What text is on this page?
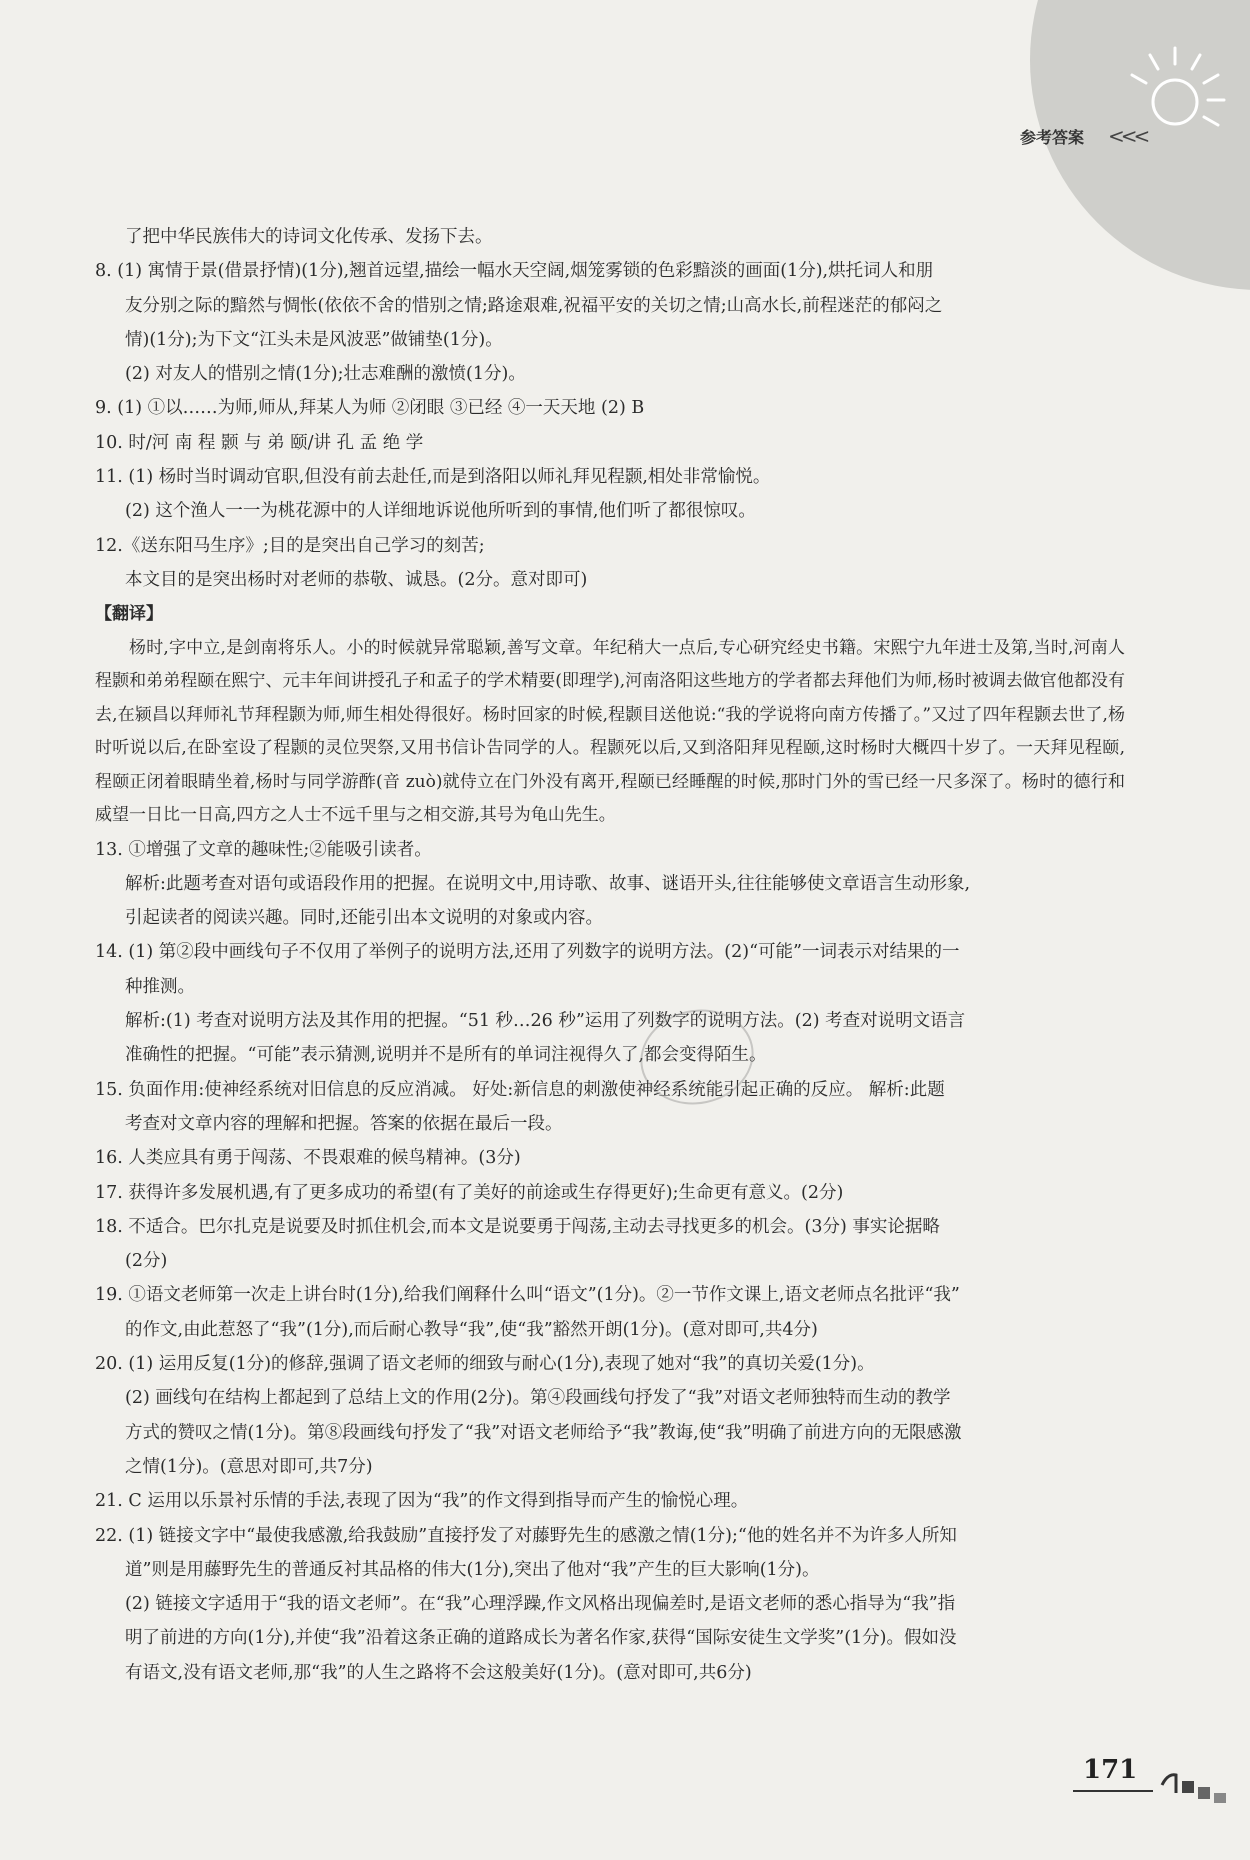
参考答案 <<<
了把中华民族伟大的诗词文化传承、发扬下去。
8. (1) 寓情于景(借景抒情)(1分),翘首远望,描绘一幅水天空阔,烟笼雾锁的色彩黯淡的画面(1分),烘托词人和朋
友分别之际的黯然与惆怅(依依不舍的惜别之情;路途艰难,祝福平安的关切之情;山高水长,前程迷茫的郁闷之
情)(1分);为下文“江头未是风波恶”做铺垫(1分)。
(2) 对友人的惜别之情(1分);壮志难酬的激愤(1分)。
9. (1) ①以……为师,师从,拜某人为师 ②闭眼 ③已经 ④一天天地 (2) B
10. 时/河 南 程 颢 与 弟 颐/讲 孔 孟 绝 学
11. (1) 杨时当时调动官职,但没有前去赴任,而是到洛阳以师礼拜见程颢,相处非常愉悦。
(2) 这个渔人一一为桃花源中的人详细地诉说他所听到的事情,他们听了都很惊叹。
12.《送东阳马生序》;目的是突出自己学习的刻苦;
本文目的是突出杨时对老师的恭敬、诚恳。(2分。意对即可)
【翻译】
杨时,字中立,是剑南将乐人。小的时候就异常聪颖,善写文章。年纪稍大一点后,专心研究经史书籍。宋熙宁九年进士及第,当时,河南人程颢和弟弟程颐在熙宁、元丰年间讲授孔子和孟子的学术精要(即理学),河南洛阳这些地方的学者都去拜他们为师,杨时被调去做官他都没有去,在颍昌以拜师礼节拜程颢为师,师生相处得很好。杨时回家的时候,程颢目送他说:“我的学说将向南方传播了。”又过了四年程颢去世了,杨时听说以后,在卧室设了程颢的灵位哭祭,又用书信讣告同学的人。程颢死以后,又到洛阳拜见程颐,这时杨时大概四十岁了。一天拜见程颐,程颐正闭着眼睛坐着,杨时与同学游酢(音 zuò)就侍立在门外没有离开,程颐已经睡醒的时候,那时门外的雪已经一尺多深了。杨时的德行和威望一日比一日高,四方之人士不远千里与之相交游,其号为龟山先生。
13. ①增强了文章的趣味性;②能吸引读者。
解析:此题考查对语句或语段作用的把握。在说明文中,用诗歌、故事、谜语开头,往往能够使文章语言生动形象,
引起读者的阅读兴趣。同时,还能引出本文说明的对象或内容。
14. (1) 第②段中画线句子不仅用了举例子的说明方法,还用了列数字的说明方法。(2)“可能”一词表示对结果的一
种推测。
解析:(1) 考查对说明方法及其作用的把握。“51 秒…26 秒”运用了列数字的说明方法。(2) 考查对说明文语言
准确性的把握。“可能”表示猜测,说明并不是所有的单词注视得久了,都会变得陌生。
15. 负面作用:使神经系统对旧信息的反应消减。 好处:新信息的刺激使神经系统能引起正确的反应。 解析:此题
考查对文章内容的理解和把握。答案的依据在最后一段。
16. 人类应具有勇于闯荡、不畏艰难的候鸟精神。(3分)
17. 获得许多发展机遇,有了更多成功的希望(有了美好的前途或生存得更好);生命更有意义。(2分)
18. 不适合。巴尔扎克是说要及时抓住机会,而本文是说要勇于闯荡,主动去寻找更多的机会。(3分) 事实论据略
(2分)
19. ①语文老师第一次走上讲台时(1分),给我们阐释什么叫“语文”(1分)。②一节作文课上,语文老师点名批评“我”
的作文,由此惹怒了“我”(1分),而后耐心教导“我”,使“我”豁然开朗(1分)。(意对即可,共4分)
20. (1) 运用反复(1分)的修辞,强调了语文老师的细致与耐心(1分),表现了她对“我”的真切关爱(1分)。
(2) 画线句在结构上都起到了总结上文的作用(2分)。第④段画线句抒发了“我”对语文老师独特而生动的教学
方式的赞叹之情(1分)。第⑧段画线句抒发了“我”对语文老师给予“我”教诲,使“我”明确了前进方向的无限感激
之情(1分)。(意思对即可,共7分)
21. C 运用以乐景衬乐情的手法,表现了因为“我”的作文得到指导而产生的愉悦心理。
22. (1) 链接文字中“最使我感激,给我鼓励”直接抒发了对藤野先生的感激之情(1分);“他的姓名并不为许多人所知
道”则是用藤野先生的普通反衬其品格的伟大(1分),突出了他对“我”产生的巨大影响(1分)。
(2) 链接文字适用于“我的语文老师”。在“我”心理浮躁,作文风格出现偏差时,是语文老师的悉心指导为“我”指
明了前进的方向(1分),并使“我”沿着这条正确的道路成长为著名作家,获得“国际安徒生文学奖”(1分)。假如没
有语文,没有语文老师,那“我”的人生之路将不会这般美好(1分)。(意对即可,共6分)
171
